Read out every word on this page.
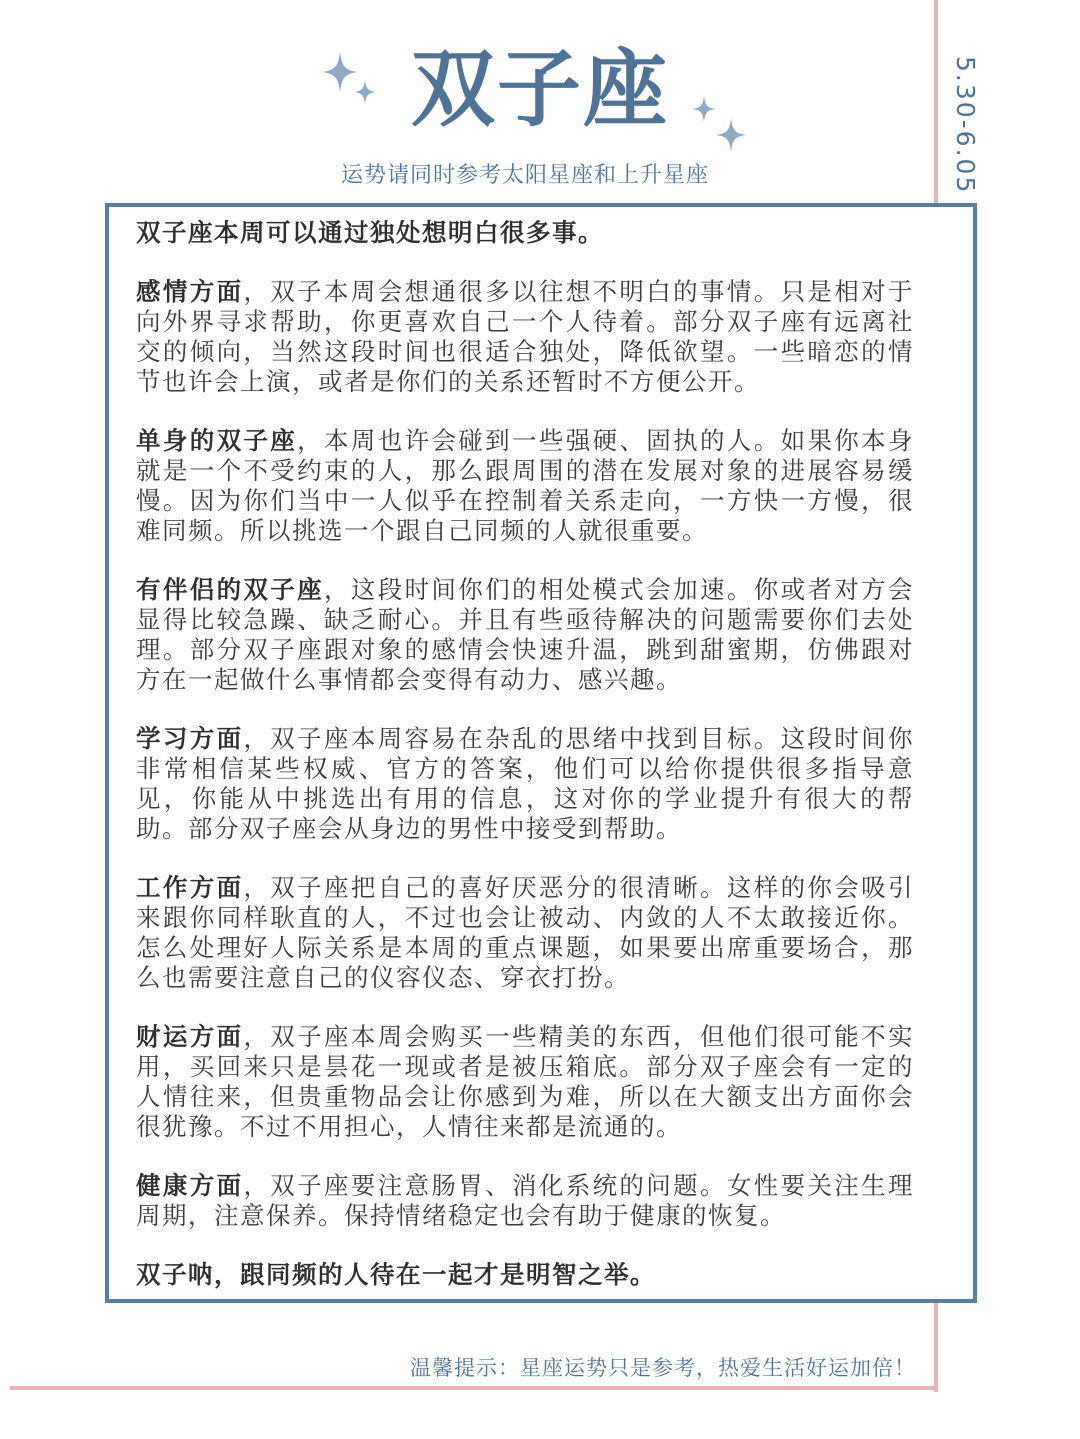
5.30-6.05
双子座
运势请同时参考太阳星座和上升星座

双子座本周可以通过独处想明白很多事。

感情方面，双子本周会想通很多以往想不明白的事情。只是相对于向外界寻求帮助，你更喜欢自己一个人待着。部分双子座有远离社交的倾向，当然这段时间也很适合独处，降低欲望。一些暗恋的情节也许会上演，或者是你们的关系还暂时不方便公开。

单身的双子座，本周也许会碰到一些强硬、固执的人。如果你本身就是一个不受约束的人，那么跟周围的潜在发展对象的进展容易缓慢。因为你们当中一人似乎在控制着关系走向，一方快一方慢，很难同频。所以挑选一个跟自己同频的人就很重要。

有伴侣的双子座，这段时间你们的相处模式会加速。你或者对方会显得比较急躁、缺乏耐心。并且有些亟待解决的问题需要你们去处理。部分双子座跟对象的感情会快速升温，跳到甜蜜期，仿佛跟对方在一起做什么事情都会变得有动力、感兴趣。

学习方面，双子座本周容易在杂乱的思绪中找到目标。这段时间你非常相信某些权威、官方的答案，他们可以给你提供很多指导意见，你能从中挑选出有用的信息，这对你的学业提升有很大的帮助。部分双子座会从身边的男性中接受到帮助。

工作方面，双子座把自己的喜好厌恶分的很清晰。这样的你会吸引来跟你同样耿直的人，不过也会让被动、内敛的人不太敢接近你。怎么处理好人际关系是本周的重点课题，如果要出席重要场合，那么也需要注意自己的仪容仪态、穿衣打扮。

财运方面，双子座本周会购买一些精美的东西，但他们很可能不实用，买回来只是昙花一现或者是被压箱底。部分双子座会有一定的人情往来，但贵重物品会让你感到为难，所以在大额支出方面你会很犹豫。不过不用担心，人情往来都是流通的。

健康方面，双子座要注意肠胃、消化系统的问题。女性要关注生理周期，注意保养。保持情绪稳定也会有助于健康的恢复。

双子呐，跟同频的人待在一起才是明智之举。

温馨提示：星座运势只是参考，热爱生活好运加倍！
